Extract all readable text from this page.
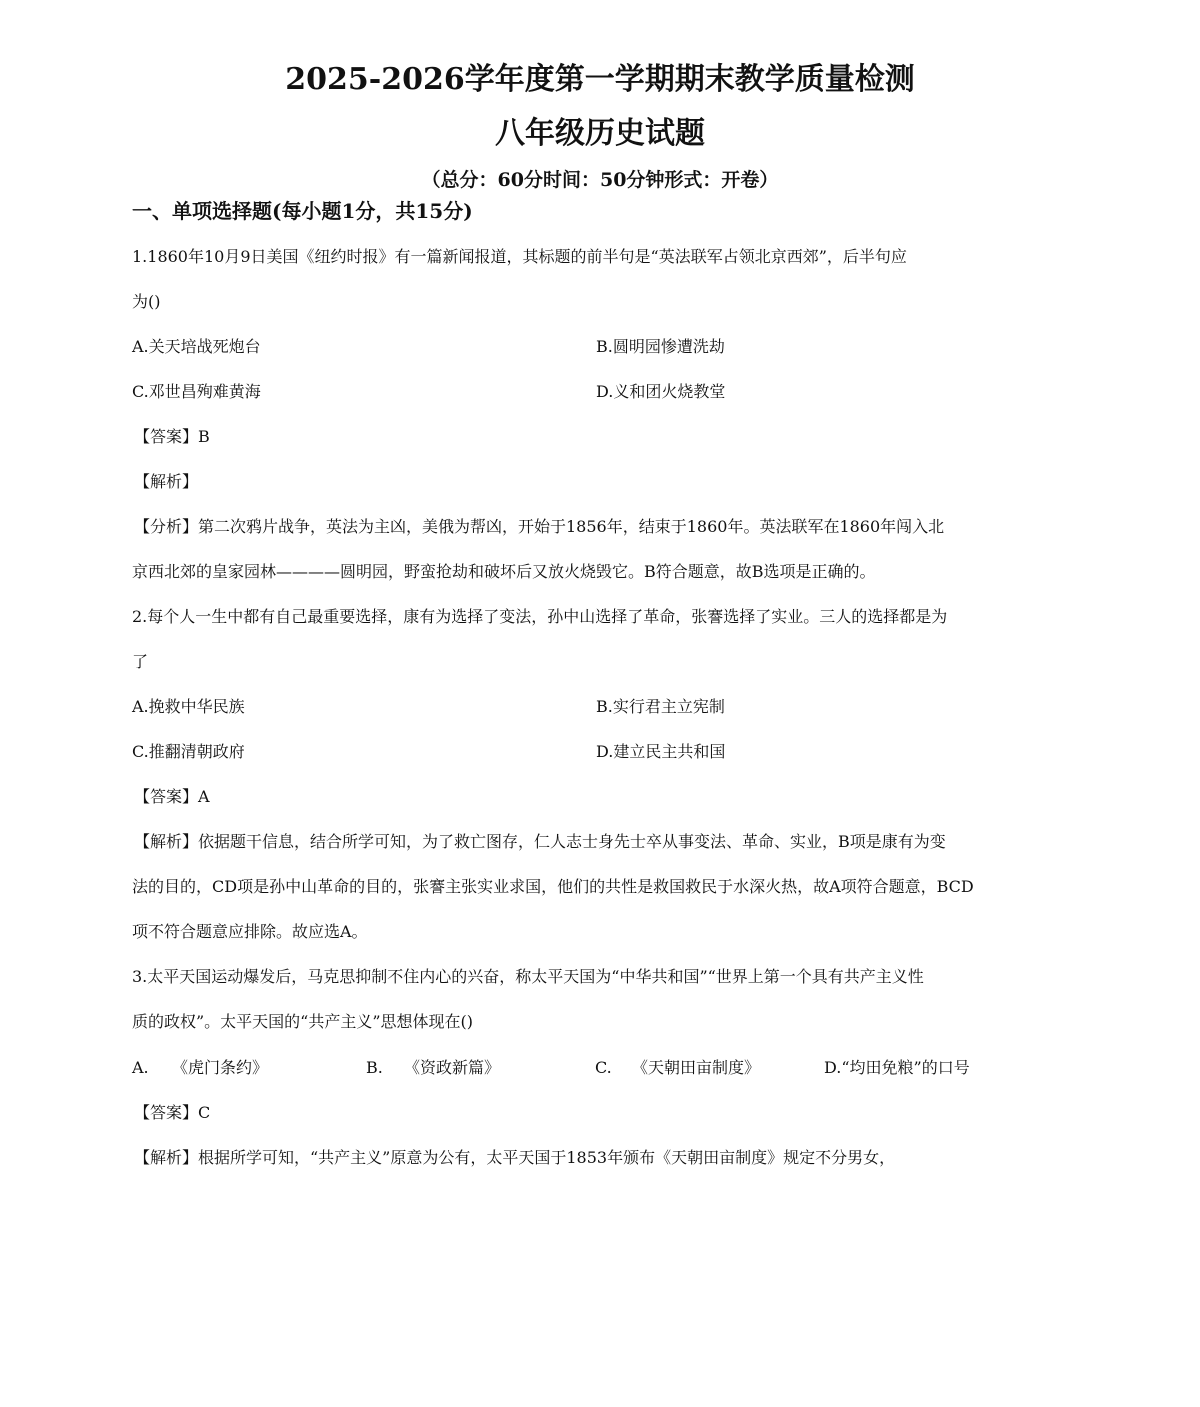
2025-2026学年度第一学期期末教学质量检测
八年级历史试题
（总分：60分时间：50分钟形式：开卷）
一、单项选择题(每小题1分，共15分)
1.1860年10月9日美国《纽约时报》有一篇新闻报道，其标题的前半句是“英法联军占领北京西郊”，后半句应
为()
A.关天培战死炮台	B.圆明园惨遭洗劫
C.邓世昌殉难黄海	D.义和团火烧教堂
【答案】B
【解析】
【分析】第二次鸦片战争，英法为主凶，美俄为帮凶，开始于1856年，结束于1860年。英法联军在1860年闯入北
京西北郊的皇家园林————圆明园，野蛮抢劫和破坏后又放火烧毁它。B符合题意，故B选项是正确的。
2.每个人一生中都有自己最重要选择，康有为选择了变法，孙中山选择了革命，张謇选择了实业。三人的选择都是为
了
A.挽救中华民族	B.实行君主立宪制
C.推翻清朝政府	D.建立民主共和国
【答案】A
【解析】依据题干信息，结合所学可知，为了救亡图存，仁人志士身先士卒从事变法、革命、实业，B项是康有为变
法的目的，CD项是孙中山革命的目的，张謇主张实业求国，他们的共性是救国救民于水深火热，故A项符合题意，BCD
项不符合题意应排除。故应选A。
3.太平天国运动爆发后，马克思抑制不住内心的兴奋，称太平天国为“中华共和国”“世界上第一个具有共产主义性
质的政权”。太平天国的“共产主义”思想体现在()
A. 《虎门条约》	B. 《资政新篇》	C. 《天朝田亩制度》	D.“均田免粮”的口号
【答案】C
【解析】根据所学可知，“共产主义”原意为公有，太平天国于1853年颁布《天朝田亩制度》规定不分男女，
